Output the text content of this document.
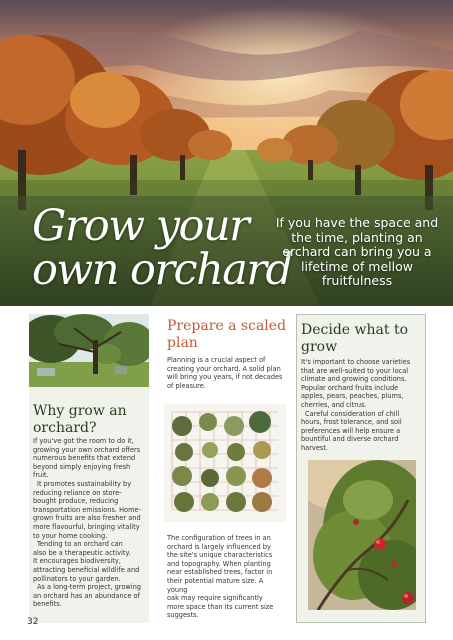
Grow your
own orchard

If you have the space and the time, planting an orchard can bring you a lifetime of mellow fruitfulness

Why grow an
orchard?

If you've got the room to do it,
growing your own orchard offers
numerous benefits that extend
beyond simply enjoying fresh
fruit.
It promotes sustainability by
reducing reliance on store-
bought produce, reducing
transportation emissions. Home-
grown fruits are also fresher and
more flavourful, bringing vitality
to your home cooking.
Tending to an orchard can
also be a therapeutic activity.
It encourages biodiversity,
attracting beneficial wildlife and
pollinators to your garden.
As a long-term project, growing
an orchard has an abundance of
benefits.

Prepare a scaled
plan

Planning is a crucial aspect of
creating your orchard. A solid plan
will bring you years, if not decades
of pleasure.

The configuration of trees in an
orchard is largely influenced by
the site's unique characteristics
and topography. When planting
near established trees, factor in
their potential mature size. A young
oak may require significantly
more space than its current size
suggests.

Decide what to
grow

It's important to choose varieties
that are well-suited to your local
climate and growing conditions.
Popular orchard fruits include
apples, pears, peaches, plums,
cherries, and citrus.
Careful consideration of chill
hours, frost tolerance, and soil
preferences will help ensure a
bountiful and diverse orchard
harvest.

32
